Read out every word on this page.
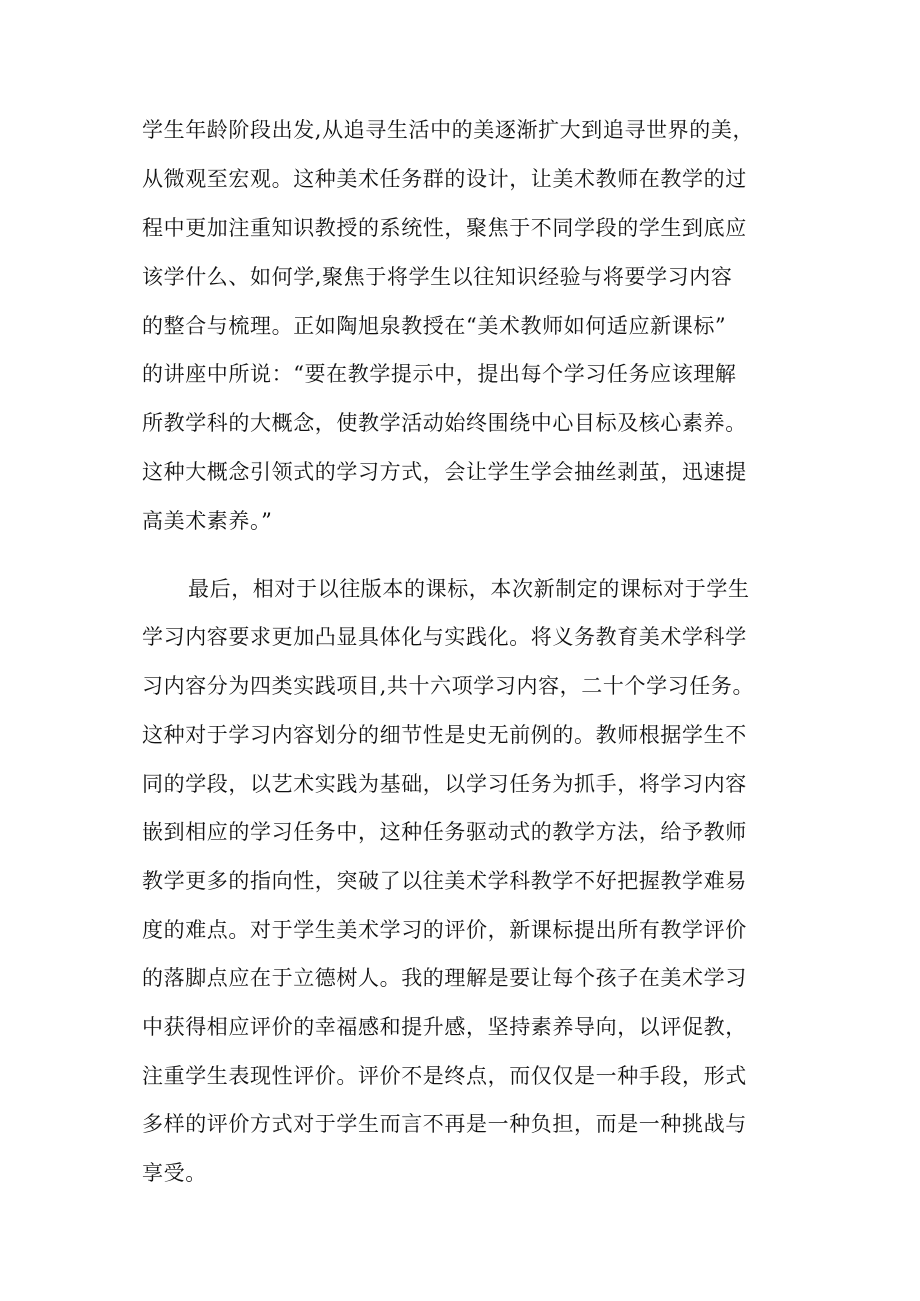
学生年龄阶段出发,从追寻生活中的美逐渐扩大到追寻世界的美，
从微观至宏观。这种美术任务群的设计，让美术教师在教学的过
程中更加注重知识教授的系统性，聚焦于不同学段的学生到底应
该学什么、如何学,聚焦于将学生以往知识经验与将要学习内容
的整合与梳理。正如陶旭泉教授在“美术教师如何适应新课标”
的讲座中所说：“要在教学提示中，提出每个学习任务应该理解
所教学科的大概念，使教学活动始终围绕中心目标及核心素养。
这种大概念引领式的学习方式，会让学生学会抽丝剥茧，迅速提
高美术素养。”
最后，相对于以往版本的课标，本次新制定的课标对于学生
学习内容要求更加凸显具体化与实践化。将义务教育美术学科学
习内容分为四类实践项目,共十六项学习内容，二十个学习任务。
这种对于学习内容划分的细节性是史无前例的。教师根据学生不
同的学段，以艺术实践为基础，以学习任务为抓手，将学习内容
嵌到相应的学习任务中，这种任务驱动式的教学方法，给予教师
教学更多的指向性，突破了以往美术学科教学不好把握教学难易
度的难点。对于学生美术学习的评价，新课标提出所有教学评价
的落脚点应在于立德树人。我的理解是要让每个孩子在美术学习
中获得相应评价的幸福感和提升感，坚持素养导向，以评促教，
注重学生表现性评价。评价不是终点，而仅仅是一种手段，形式
多样的评价方式对于学生而言不再是一种负担，而是一种挑战与
享受。
